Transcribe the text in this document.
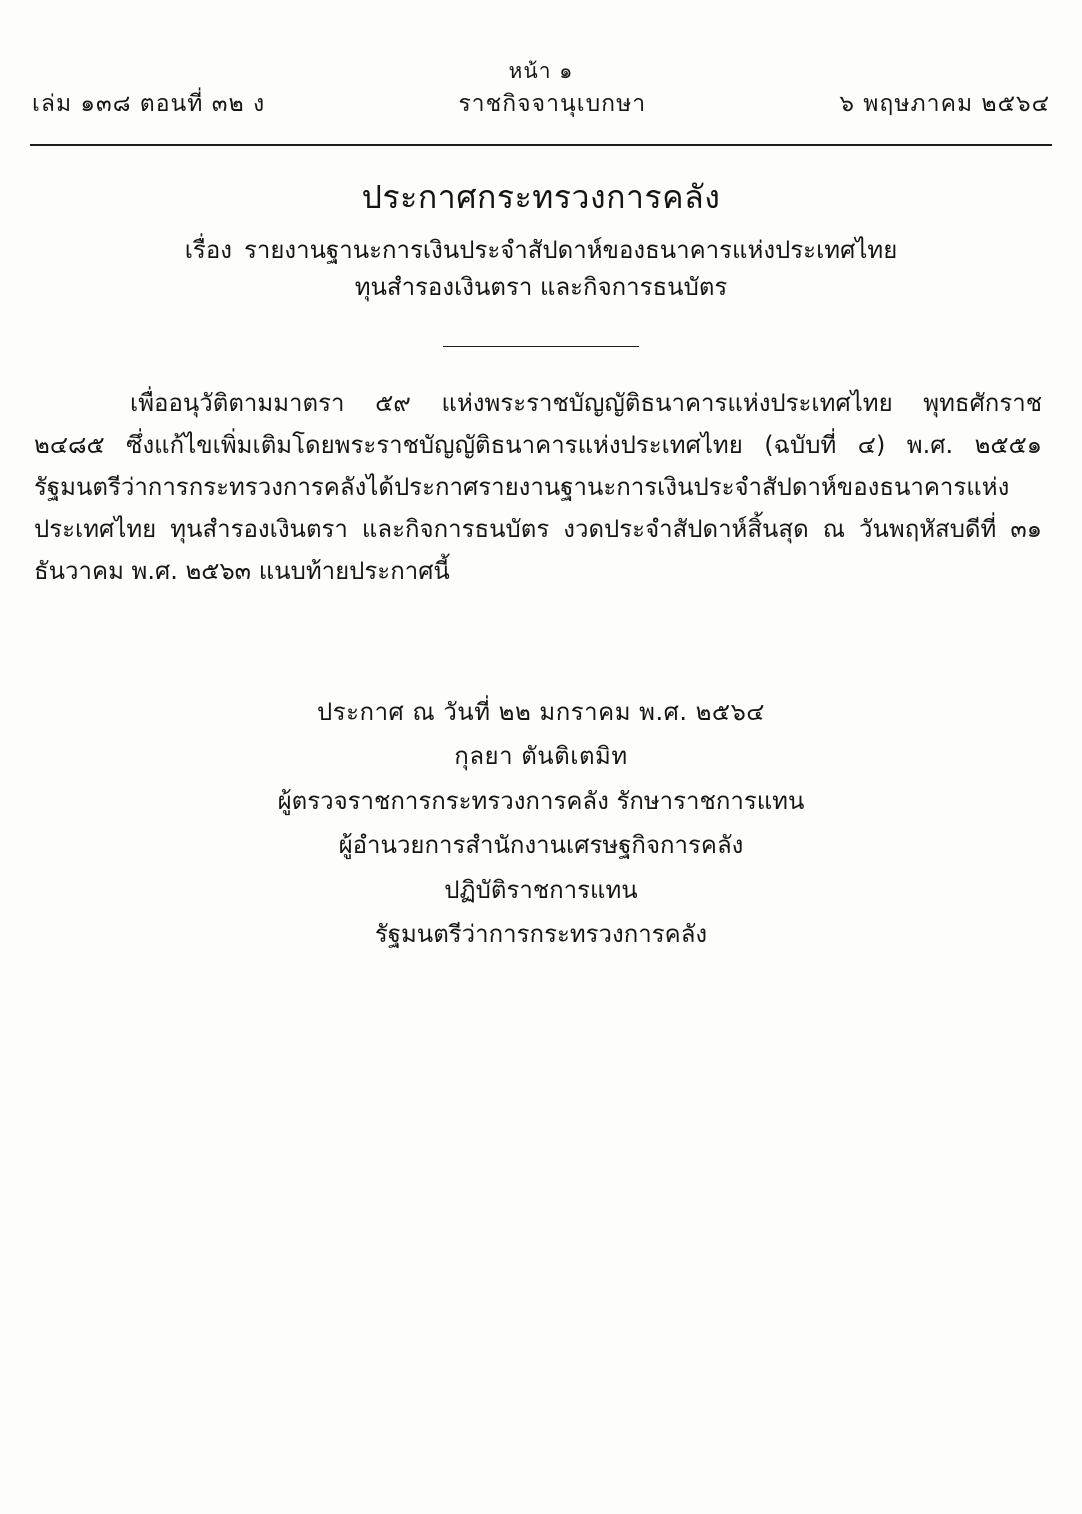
หน้า ๑
เล่ม ๑๓๘ ตอนที่ ๓๒ ง	ราชกิจจานุเบกษา	๖ พฤษภาคม ๒๕๖๔
ประกาศกระทรวงการคลัง
เรื่อง รายงานฐานะการเงินประจำสัปดาห์ของธนาคารแห่งประเทศไทย
ทุนสำรองเงินตรา และกิจการธนบัตร

เพื่ออนุวัติตามมาตรา ๕๙ แห่งพระราชบัญญัติธนาคารแห่งประเทศไทย พุทธศักราช ๒๔๘๕ ซึ่งแก้ไขเพิ่มเติมโดยพระราชบัญญัติธนาคารแห่งประเทศไทย (ฉบับที่ ๔) พ.ศ. ๒๕๕๑ รัฐมนตรีว่าการกระทรวงการคลังได้ประกาศรายงานฐานะการเงินประจำสัปดาห์ของธนาคารแห่งประเทศไทย ทุนสำรองเงินตรา และกิจการธนบัตร งวดประจำสัปดาห์สิ้นสุด ณ วันพฤหัสบดีที่ ๓๑ ธันวาคม พ.ศ. ๒๕๖๓ แนบท้ายประกาศนี้

ประกาศ ณ วันที่ ๒๒ มกราคม พ.ศ. ๒๕๖๔
กุลยา ตันติเตมิท
ผู้ตรวจราชการกระทรวงการคลัง รักษาราชการแทน
ผู้อำนวยการสำนักงานเศรษฐกิจการคลัง
ปฏิบัติราชการแทน
รัฐมนตรีว่าการกระทรวงการคลัง
